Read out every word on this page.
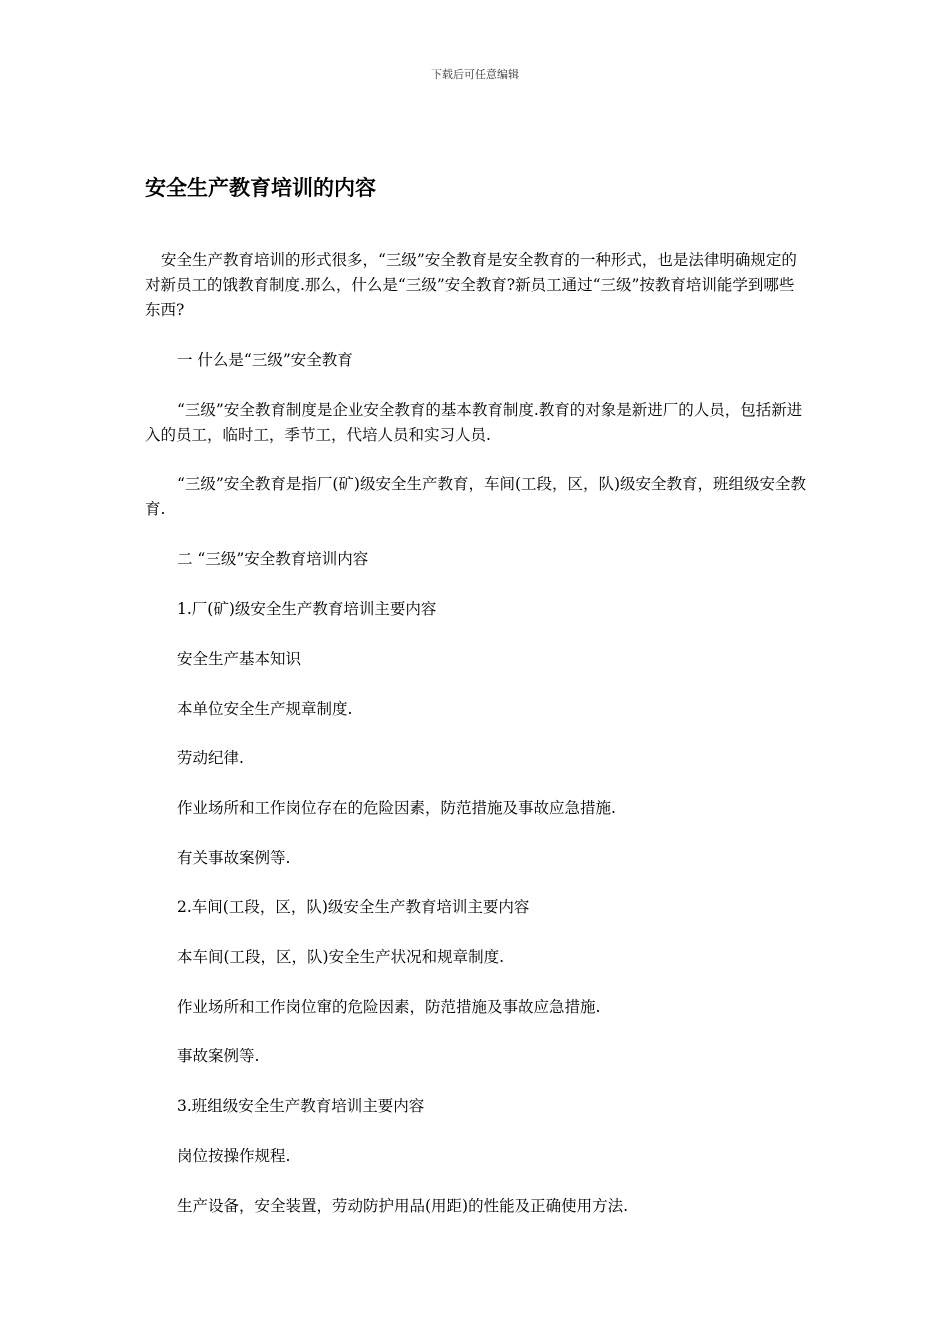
下载后可任意编辑
安全生产教育培训的内容

安全生产教育培训的形式很多，“三级”安全教育是安全教育的一种形式，也是法律明确规定的对新员工的饿教育制度.那么，什么是“三级”安全教育?新员工通过“三级”按教育培训能学到哪些东西?

一 什么是“三级”安全教育

“三级”安全教育制度是企业安全教育的基本教育制度.教育的对象是新进厂的人员，包括新进入的员工，临时工，季节工，代培人员和实习人员.

“三级”安全教育是指厂(矿)级安全生产教育，车间(工段，区，队)级安全教育，班组级安全教育.

二 “三级”安全教育培训内容

1.厂(矿)级安全生产教育培训主要内容

安全生产基本知识

本单位安全生产规章制度.

劳动纪律.

作业场所和工作岗位存在的危险因素，防范措施及事故应急措施.

有关事故案例等.

2.车间(工段，区，队)级安全生产教育培训主要内容

本车间(工段，区，队)安全生产状况和规章制度.

作业场所和工作岗位窜的危险因素，防范措施及事故应急措施.

事故案例等.

3.班组级安全生产教育培训主要内容

岗位按操作规程.

生产设备，安全装置，劳动防护用品(用距)的性能及正确使用方法.
